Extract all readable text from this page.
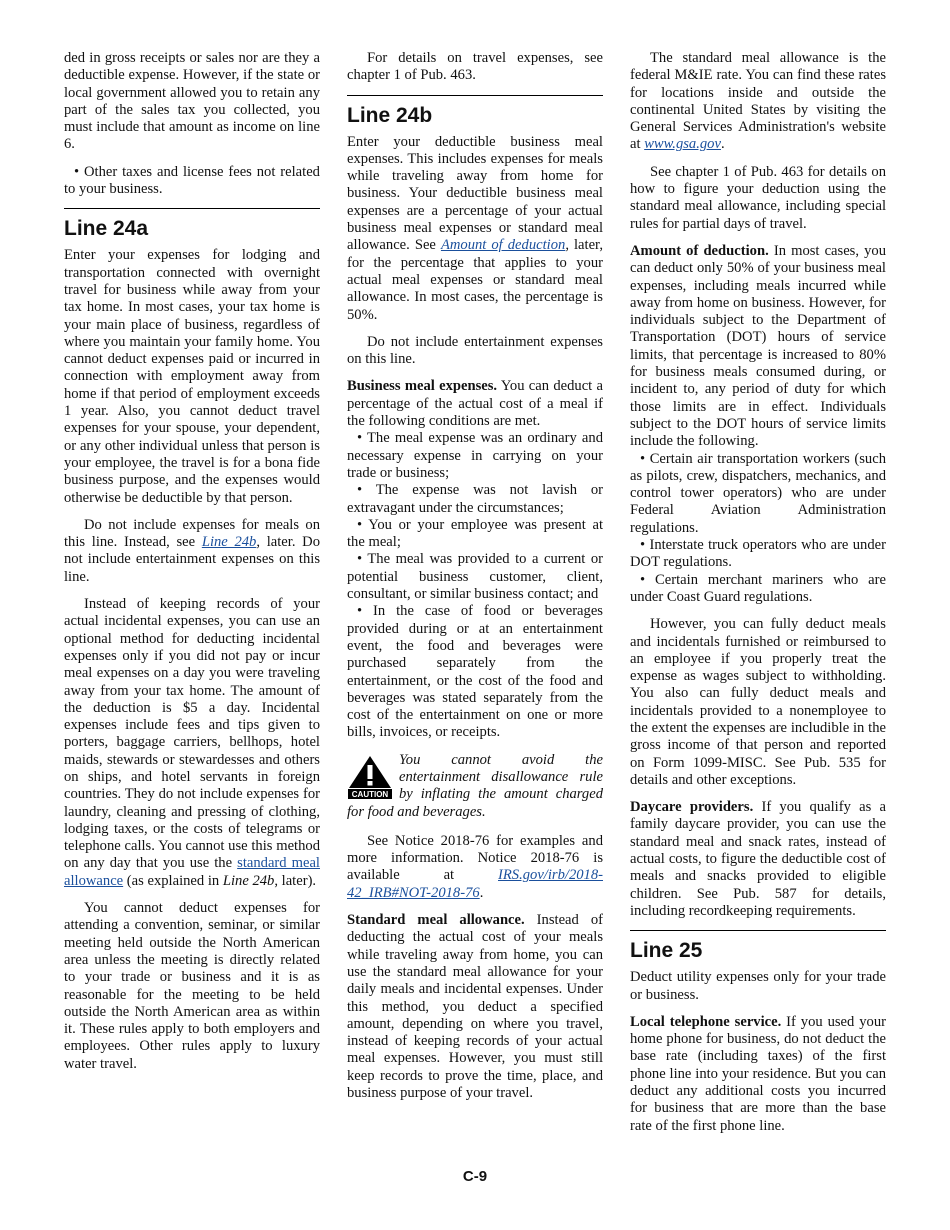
ded in gross receipts or sales nor are they a deductible expense. However, if the state or local government allowed you to retain any part of the sales tax you collected, you must include that amount as income on line 6.

• Other taxes and license fees not related to your business.

Line 24a

Enter your expenses for lodging and transportation connected with overnight travel for business while away from your tax home. In most cases, your tax home is your main place of business, regardless of where you maintain your family home. You cannot deduct expenses paid or incurred in connection with employment away from home if that period of employment exceeds 1 year. Also, you cannot deduct travel expenses for your spouse, your dependent, or any other individual unless that person is your employee, the travel is for a bona fide business purpose, and the expenses would otherwise be deductible by that person.

Do not include expenses for meals on this line. Instead, see Line 24b, later. Do not include entertainment expenses on this line.

Instead of keeping records of your actual incidental expenses, you can use an optional method for deducting incidental expenses only if you did not pay or incur meal expenses on a day you were traveling away from your tax home. The amount of the deduction is $5 a day. Incidental expenses include fees and tips given to porters, baggage carriers, bellhops, hotel maids, stewards or stewardesses and others on ships, and hotel servants in foreign countries. They do not include expenses for laundry, cleaning and pressing of clothing, lodging taxes, or the costs of telegrams or telephone calls. You cannot use this method on any day that you use the standard meal allowance (as explained in Line 24b, later).

You cannot deduct expenses for attending a convention, seminar, or similar meeting held outside the North American area unless the meeting is directly related to your trade or business and it is as reasonable for the meeting to be held outside the North American area as within it. These rules apply to both employers and employees. Other rules apply to luxury water travel.

For details on travel expenses, see chapter 1 of Pub. 463.

Line 24b

Enter your deductible business meal expenses. This includes expenses for meals while traveling away from home for business. Your deductible business meal expenses are a percentage of your actual business meal expenses or standard meal allowance. See Amount of deduction, later, for the percentage that applies to your actual meal expenses or standard meal allowance. In most cases, the percentage is 50%.

Do not include entertainment expenses on this line.

Business meal expenses. You can deduct a percentage of the actual cost of a meal if the following conditions are met.

• The meal expense was an ordinary and necessary expense in carrying on your trade or business;

• The expense was not lavish or extravagant under the circumstances;

• You or your employee was present at the meal;

• The meal was provided to a current or potential business customer, client, consultant, or similar business contact; and

• In the case of food or beverages provided during or at an entertainment event, the food and beverages were purchased separately from the entertainment, or the cost of the food and beverages was stated separately from the cost of the entertainment on one or more bills, invoices, or receipts.

CAUTION

You cannot avoid the entertainment disallowance rule by inflating the amount charged for food and beverages.

See Notice 2018-76 for examples and more information. Notice 2018-76 is available at IRS.gov/irb/2018-42_IRB#NOT-2018-76.

Standard meal allowance. Instead of deducting the actual cost of your meals while traveling away from home, you can use the standard meal allowance for your daily meals and incidental expenses. Under this method, you deduct a specified amount, depending on where you travel, instead of keeping records of your actual meal expenses. However, you must still keep records to prove the time, place, and business purpose of your travel.

The standard meal allowance is the federal M&IE rate. You can find these rates for locations inside and outside the continental United States by visiting the General Services Administration's website at www.gsa.gov.

See chapter 1 of Pub. 463 for details on how to figure your deduction using the standard meal allowance, including special rules for partial days of travel.

Amount of deduction. In most cases, you can deduct only 50% of your business meal expenses, including meals incurred while away from home on business. However, for individuals subject to the Department of Transportation (DOT) hours of service limits, that percentage is increased to 80% for business meals consumed during, or incident to, any period of duty for which those limits are in effect. Individuals subject to the DOT hours of service limits include the following.

• Certain air transportation workers (such as pilots, crew, dispatchers, mechanics, and control tower operators) who are under Federal Aviation Administration regulations.

• Interstate truck operators who are under DOT regulations.

• Certain merchant mariners who are under Coast Guard regulations.

However, you can fully deduct meals and incidentals furnished or reimbursed to an employee if you properly treat the expense as wages subject to withholding. You also can fully deduct meals and incidentals provided to a nonemployee to the extent the expenses are includible in the gross income of that person and reported on Form 1099-MISC. See Pub. 535 for details and other exceptions.

Daycare providers. If you qualify as a family daycare provider, you can use the standard meal and snack rates, instead of actual costs, to figure the deductible cost of meals and snacks provided to eligible children. See Pub. 587 for details, including recordkeeping requirements.

Line 25

Deduct utility expenses only for your trade or business.

Local telephone service. If you used your home phone for business, do not deduct the base rate (including taxes) of the first phone line into your residence. But you can deduct any additional costs you incurred for business that are more than the base rate of the first phone line.

C-9
